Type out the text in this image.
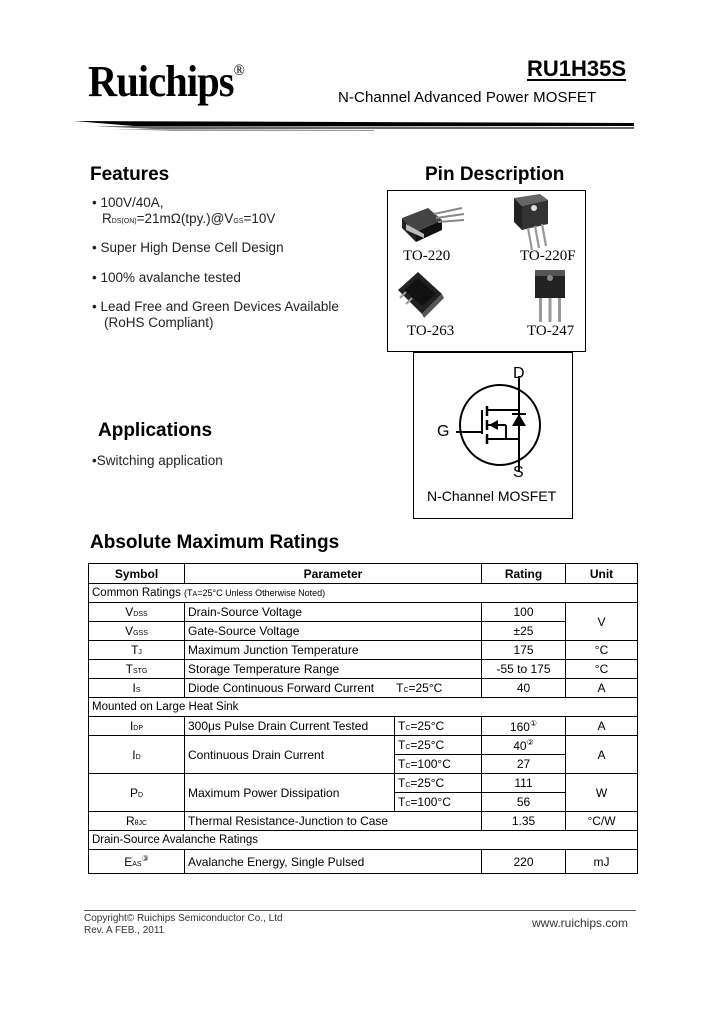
Ruichips®	RU1H35S
N-Channel Advanced Power MOSFET
Features
• 100V/40A,
RDS(ON)=21mΩ(tpy.)@VGS=10V
• Super High Dense Cell Design
• 100% avalanche tested
• Lead Free and Green Devices Available
(RoHS Compliant)
Pin Description
TO-220	TO-220F
TO-263	TO-247
D
G
S
N-Channel MOSFET
Applications
•Switching application
Absolute Maximum Ratings
Symbol	Parameter		Rating	Unit
Common Ratings (TA=25°C Unless Otherwise Noted)				
VDSS	Drain-Source Voltage		100	V
VGSS	Gate-Source Voltage		±25	
TJ	Maximum Junction Temperature		175	°C
TSTG	Storage Temperature Range		-55 to 175	°C
IS	Diode Continuous Forward Current TC=25°C		40	A
Mounted on Large Heat Sink				
IDP	300μs Pulse Drain Current Tested	TC=25°C	160①	A
ID	Continuous Drain Current	TC=25°C	40②	A
		TC=100°C	27	
PD	Maximum Power Dissipation	TC=25°C	111	W
		TC=100°C	56	
RθJC	Thermal Resistance-Junction to Case		1.35	°C/W
Drain-Source Avalanche Ratings				
EAS③	Avalanche Energy, Single Pulsed		220	mJ
Copyright© Ruichips Semiconductor Co., Ltd
Rev. A FEB., 2011
www.ruichips.com
